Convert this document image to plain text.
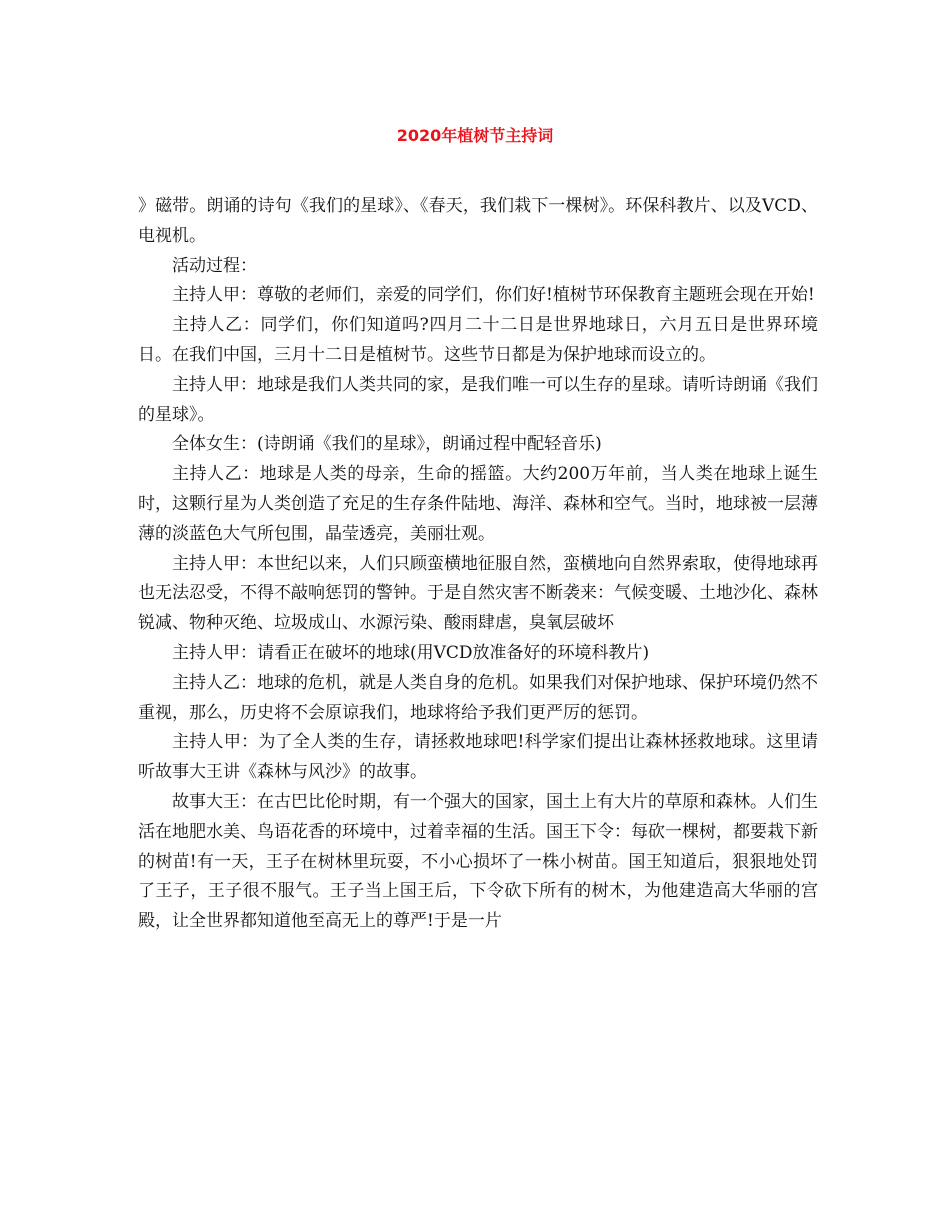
2020年植树节主持词

》磁带。朗诵的诗句《我们的星球》、《春天，我们栽下一棵树》。环保科教片、以及VCD、电视机。

活动过程：

主持人甲：尊敬的老师们，亲爱的同学们，你们好!植树节环保教育主题班会现在开始!

主持人乙：同学们，你们知道吗?四月二十二日是世界地球日，六月五日是世界环境日。在我们中国，三月十二日是植树节。这些节日都是为保护地球而设立的。

主持人甲：地球是我们人类共同的家，是我们唯一可以生存的星球。请听诗朗诵《我们的星球》。

全体女生：(诗朗诵《我们的星球》，朗诵过程中配轻音乐)

主持人乙：地球是人类的母亲，生命的摇篮。大约200万年前，当人类在地球上诞生时，这颗行星为人类创造了充足的生存条件陆地、海洋、森林和空气。当时，地球被一层薄薄的淡蓝色大气所包围，晶莹透亮，美丽壮观。

主持人甲：本世纪以来，人们只顾蛮横地征服自然，蛮横地向自然界索取，使得地球再也无法忍受，不得不敲响惩罚的警钟。于是自然灾害不断袭来：气候变暖、土地沙化、森林锐减、物种灭绝、垃圾成山、水源污染、酸雨肆虐，臭氧层破坏

主持人甲：请看正在破坏的地球(用VCD放准备好的环境科教片)

主持人乙：地球的危机，就是人类自身的危机。如果我们对保护地球、保护环境仍然不重视，那么，历史将不会原谅我们，地球将给予我们更严厉的惩罚。

主持人甲：为了全人类的生存，请拯救地球吧!科学家们提出让森林拯救地球。这里请听故事大王讲《森林与风沙》的故事。

故事大王：在古巴比伦时期，有一个强大的国家，国土上有大片的草原和森林。人们生活在地肥水美、鸟语花香的环境中，过着幸福的生活。国王下令：每砍一棵树，都要栽下新的树苗!有一天，王子在树林里玩耍，不小心损坏了一株小树苗。国王知道后，狠狠地处罚了王子，王子很不服气。王子当上国王后，下令砍下所有的树木，为他建造高大华丽的宫殿，让全世界都知道他至高无上的尊严!于是一片
